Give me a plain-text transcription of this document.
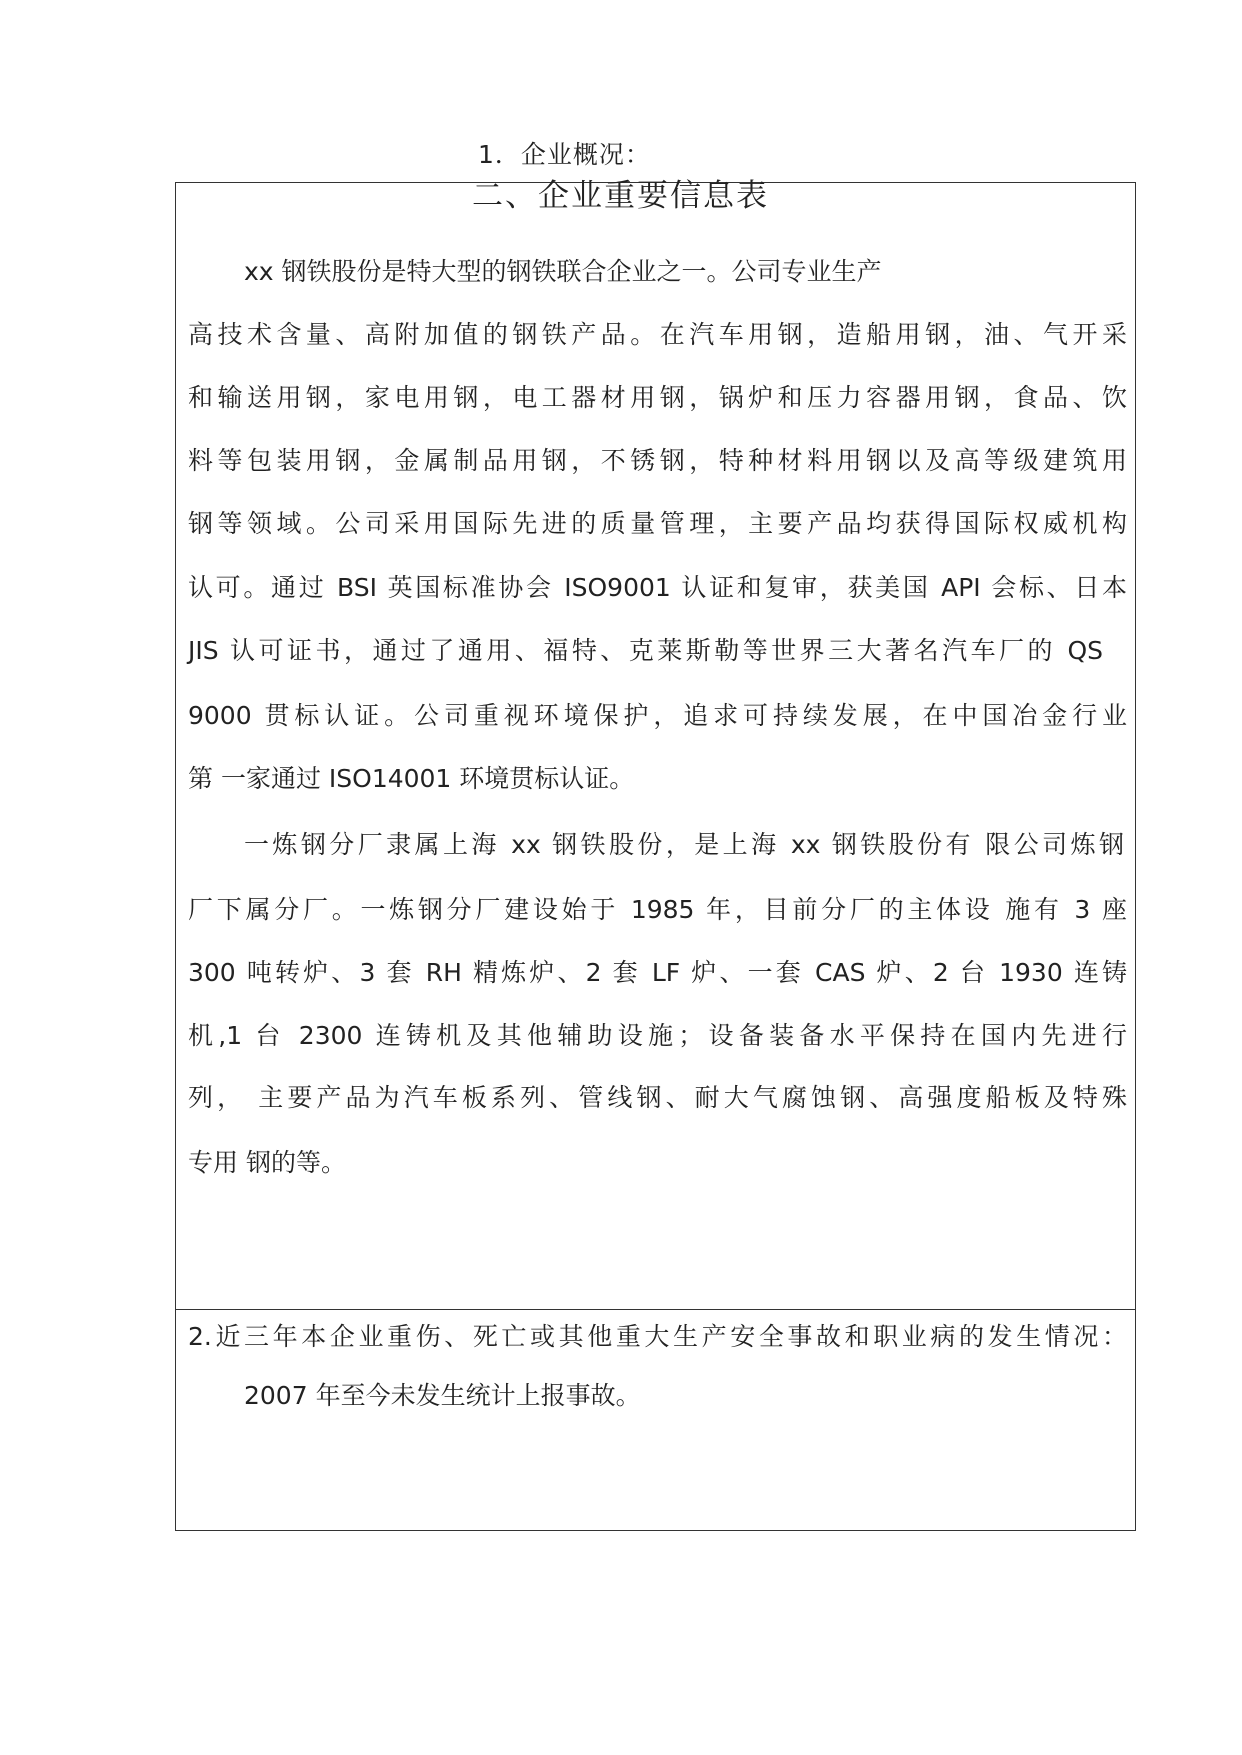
1．企业概况：
xx 钢铁股份是特大型的钢铁联合企业之一。公司专业生产
高技术含量、高附加值的钢铁产品。在汽车用钢，造船用钢，油、气开采
和输送用钢，家电用钢，电工器材用钢，锅炉和压力容器用钢，食品、饮
料等包装用钢，金属制品用钢，不锈钢，特种材料用钢以及高等级建筑用
钢等领域。公司采用国际先进的质量管理，主要产品均获得国际权威机构
认可。通过 BSI 英国标准协会 ISO9001 认证和复审，获美国 API 会标、日本
JIS 认可证书，通过了通用、福特、克莱斯勒等世界三大著名汽车厂的 QS
9000 贯标认证。公司重视环境保护，追求可持续发展，在中国冶金行业
第 一家通过 ISO14001 环境贯标认证。
一炼钢分厂隶属上海 xx 钢铁股份，是上海 xx 钢铁股份有 限公司炼钢
厂下属分厂。一炼钢分厂建设始于 1985 年，目前分厂的主体设 施有 3 座
300 吨转炉、3 套 RH 精炼炉、2 套 LF 炉、一套 CAS 炉、2 台 1930 连铸
机,1 台 2300 连铸机及其他辅助设施；设备装备水平保持在国内先进行
列， 主要产品为汽车板系列、管线钢、耐大气腐蚀钢、高强度船板及特殊
专用 钢的等。
2.近三年本企业重伤、死亡或其他重大生产安全事故和职业病的发生情况：
2007 年至今未发生统计上报事故。
二、企业重要信息表
